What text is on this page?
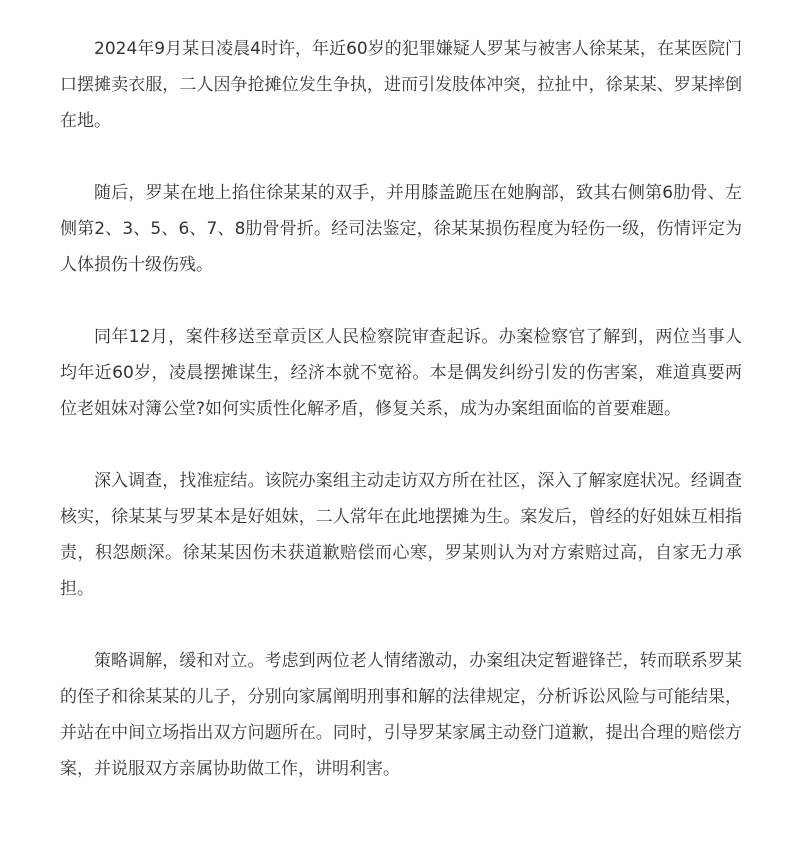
2024年9月某日凌晨4时许，年近60岁的犯罪嫌疑人罗某与被害人徐某某，在某医院门口摆摊卖衣服，二人因争抢摊位发生争执，进而引发肢体冲突，拉扯中，徐某某、罗某摔倒在地。

随后，罗某在地上掐住徐某某的双手，并用膝盖跪压在她胸部，致其右侧第6肋骨、左侧第2、3、5、6、7、8肋骨骨折。经司法鉴定，徐某某损伤程度为轻伤一级，伤情评定为人体损伤十级伤残。

同年12月，案件移送至章贡区人民检察院审查起诉。办案检察官了解到，两位当事人均年近60岁，凌晨摆摊谋生，经济本就不宽裕。本是偶发纠纷引发的伤害案，难道真要两位老姐妹对簿公堂?如何实质性化解矛盾，修复关系，成为办案组面临的首要难题。

深入调查，找准症结。该院办案组主动走访双方所在社区，深入了解家庭状况。经调查核实，徐某某与罗某本是好姐妹，二人常年在此地摆摊为生。案发后，曾经的好姐妹互相指责，积怨颇深。徐某某因伤未获道歉赔偿而心寒，罗某则认为对方索赔过高，自家无力承担。

策略调解，缓和对立。考虑到两位老人情绪激动，办案组决定暂避锋芒，转而联系罗某的侄子和徐某某的儿子，分别向家属阐明刑事和解的法律规定，分析诉讼风险与可能结果，并站在中间立场指出双方问题所在。同时，引导罗某家属主动登门道歉，提出合理的赔偿方案，并说服双方亲属协助做工作，讲明利害。
